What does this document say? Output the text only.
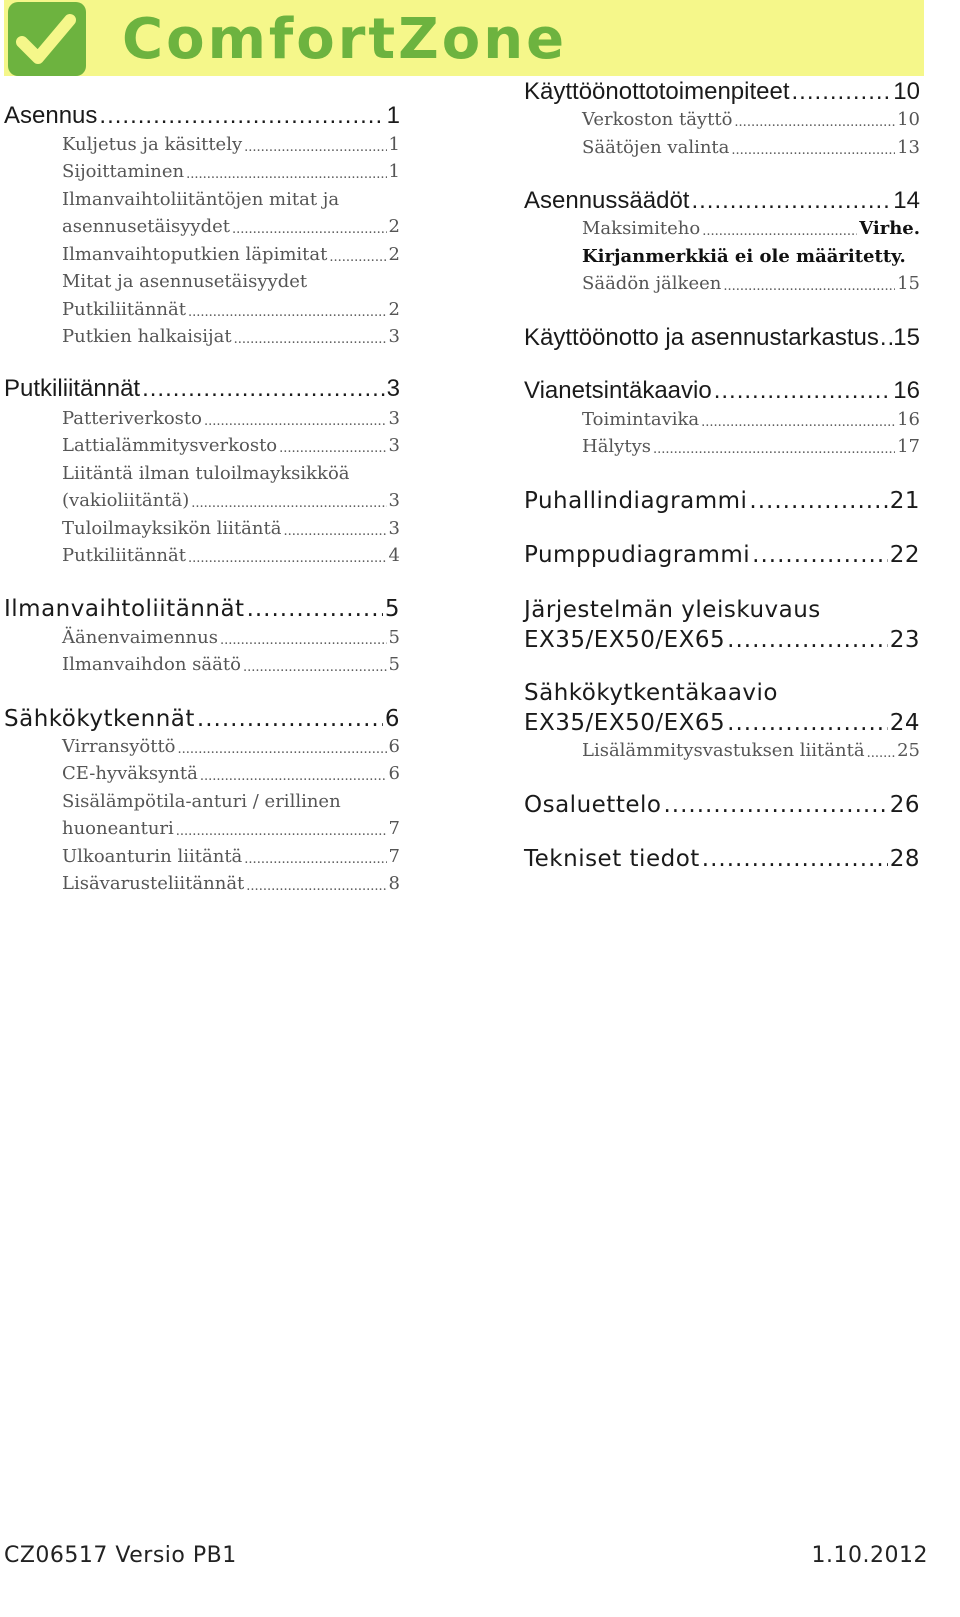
ComfortZone
Asennus .....	1
Kuljetus ja käsittely .....	1
Sijoittaminen .....	1
Ilmanvaihtoliitäntöjen mitat ja
asennusetäisyydet .....	2
Ilmanvaihtoputkien läpimitat .....	2
Mitat ja asennusetäisyydet
Putkiliitännät .....	2
Putkien halkaisijat .....	3
Putkiliitännät .....	3
Patteriverkosto .....	3
Lattialämmitysverkosto .....	3
Liitäntä ilman tuloilmayksikköä
(vakioliitäntä) .....	3
Tuloilmayksikön liitäntä .....	3
Putkiliitännät .....	4
Ilmanvaihtoliitännät .....	5
Äänenvaimennus .....	5
Ilmanvaihdon säätö .....	5
Sähkökytkennät .....	6
Virransyöttö .....	6
CE-hyväksyntä .....	6
Sisälämpötila-anturi / erillinen
huoneanturi .....	7
Ulkoanturin liitäntä .....	7
Lisävarusteliitännät .....	8
Käyttöönottotoimenpiteet .....	10
Verkoston täyttö .....	10
Säätöjen valinta .....	13
Asennussäädöt .....	14
Maksimiteho .....	Virhe.
Kirjanmerkkiä ei ole määritetty.
Säädön jälkeen .....	15
Käyttöönotto ja asennustarkastus ..... 15
Vianetsintäkaavio .....	16
Toimintavika .....	16
Hälytys .....	17
Puhallindiagrammi .....	21
Pumppudiagrammi .....	22
Järjestelmän yleiskuvaus
EX35/EX50/EX65 .....	23
Sähkökytkentäkaavio
EX35/EX50/EX65 .....	24
Lisälämmitysvastuksen liitäntä ..... 25
Osaluettelo .....	26
Tekniset tiedot .....	28
CZ06517 Versio PB1	1.10.2012
